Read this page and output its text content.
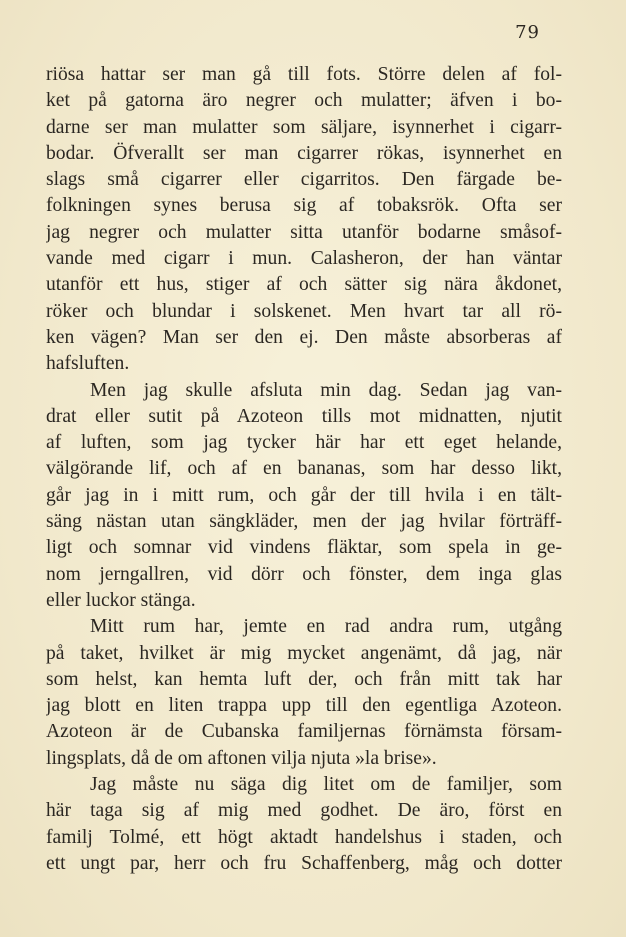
79
riösa hattar ser man gå till fots. Större delen af fol-
ket på gatorna äro negrer och mulatter; äfven i bo-
darne ser man mulatter som säljare, isynnerhet i cigarr-
bodar. Öfverallt ser man cigarrer rökas, isynnerhet en
slags små cigarrer eller cigarritos. Den färgade be-
folkningen synes berusa sig af tobaksrök. Ofta ser
jag negrer och mulatter sitta utanför bodarne småsof-
vande med cigarr i mun. Calasheron, der han väntar
utanför ett hus, stiger af och sätter sig nära åkdonet,
röker och blundar i solskenet. Men hvart tar all rö-
ken vägen? Man ser den ej. Den måste absorberas af
hafsluften.
Men jag skulle afsluta min dag. Sedan jag van-
drat eller sutit på Azoteon tills mot midnatten, njutit
af luften, som jag tycker här har ett eget helande,
välgörande lif, och af en bananas, som har desso likt,
går jag in i mitt rum, och går der till hvila i en tält-
säng nästan utan sängkläder, men der jag hvilar förträff-
ligt och somnar vid vindens fläktar, som spela in ge-
nom jerngallren, vid dörr och fönster, dem inga glas
eller luckor stänga.
Mitt rum har, jemte en rad andra rum, utgång
på taket, hvilket är mig mycket angenämt, då jag, när
som helst, kan hemta luft der, och från mitt tak har
jag blott en liten trappa upp till den egentliga Azoteon.
Azoteon är de Cubanska familjernas förnämsta försam-
lingsplats, då de om aftonen vilja njuta »la brise».
Jag måste nu säga dig litet om de familjer, som
här taga sig af mig med godhet. De äro, först en
familj Tolmé, ett högt aktadt handelshus i staden, och
ett ungt par, herr och fru Schaffenberg, måg och dotter
